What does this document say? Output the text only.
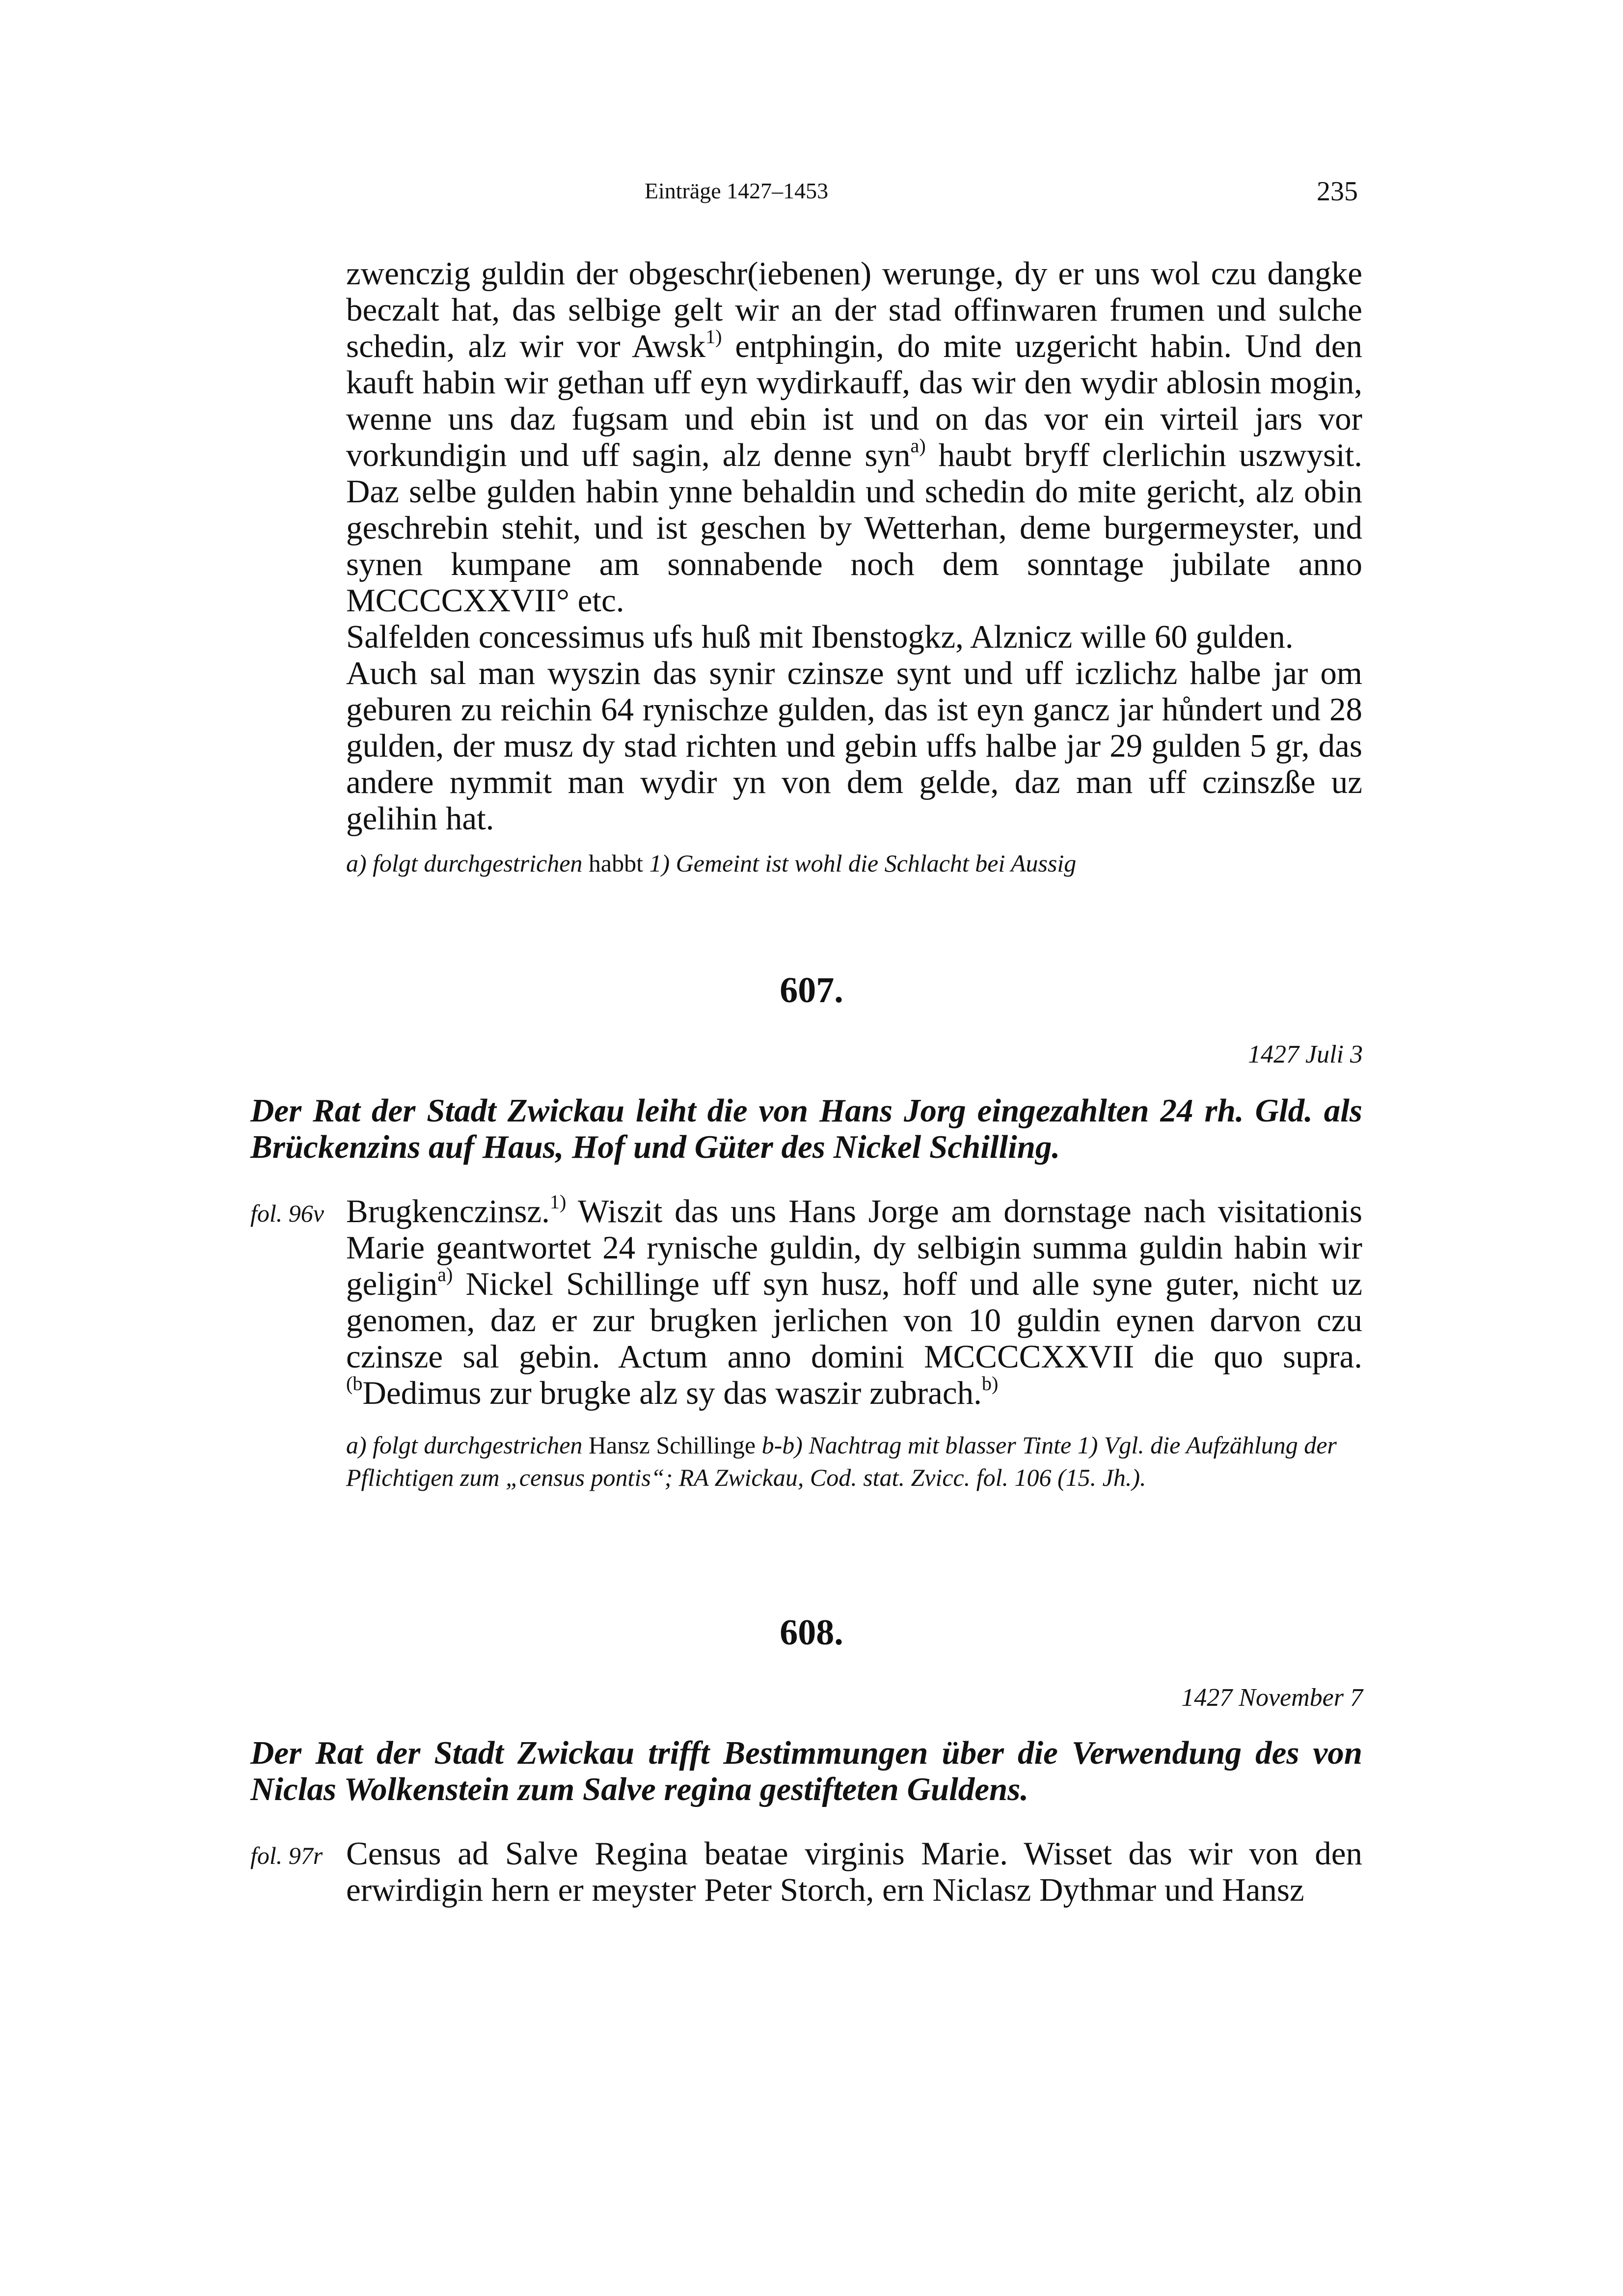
Einträge 1427–1453	235

zwenczig guldin der obgeschr(iebenen) werunge, dy er uns wol czu dangke beczalt hat, das selbige gelt wir an der stad offinwaren frumen und sulche schedin, alz wir vor Awsk$^{1)}$ entphingin, do mite uzgericht habin. Und den kauft habin wir gethan uff eyn wydirkauff, das wir den wydir ablosin mogin, wenne uns daz fugsam und ebin ist und on das vor ein virteil jars vor vorkundigin und uff sagin, alz denne syn$^{a)}$ haubt bryff clerlichin uszwysit. Daz selbe gulden habin ynne behaldin und schedin do mite gericht, alz obin geschrebin stehit, und ist geschen by Wetterhan, deme burgermeyster, und synen kumpane am sonnabende noch dem sonntage jubilate anno MCCCCXXVII° etc.

Salfelden concessimus ufs huß mit Ibenstogkz, Alznicz wille 60 gulden.

Auch sal man wyszin das synir czinsze synt und uff iczlichz halbe jar om geburen zu reichin 64 rynischze gulden, das ist eyn gancz jar hůndert und 28 gulden, der musz dy stad richten und gebin uffs halbe jar 29 gulden 5 gr, das andere nymmit man wydir yn von dem gelde, daz man uff czinszße uz gelihin hat.

a) folgt durchgestrichen habbt 1) Gemeint ist wohl die Schlacht bei Aussig
607.
1427 Juli 3
Der Rat der Stadt Zwickau leiht die von Hans Jorg eingezahlten 24 rh. Gld. als Brückenzins auf Haus, Hof und Güter des Nickel Schilling.
fol. 96v Brugkenczinsz.$^{1)}$ Wiszit das uns Hans Jorge am dornstage nach visitationis Marie geantwortet 24 rynische guldin, dy selbigin summa guldin habin wir geligin$^{a)}$ Nickel Schillinge uff syn husz, hoff und alle syne guter, nicht uz genomen, daz er zur brugken jerlichen von 10 guldin eynen darvon czu czinsze sal gebin. Actum anno domini MCCCCXXVII die quo supra. $^{(b}$Dedimus zur brugke alz sy das waszir zubrach.$^{b)}$

a) folgt durchgestrichen Hansz Schillinge b-b) Nachtrag mit blasser Tinte 1) Vgl. die Aufzählung der Pflichtigen zum „census pontis“; RA Zwickau, Cod. stat. Zvicc. fol. 106 (15. Jh.).
608.
1427 November 7
Der Rat der Stadt Zwickau trifft Bestimmungen über die Verwendung des von Niclas Wolkenstein zum Salve regina gestifteten Guldens.
fol. 97r Census ad Salve Regina beatae virginis Marie. Wisset das wir von den erwirdigin hern er meyster Peter Storch, ern Niclasz Dythmar und Hansz
